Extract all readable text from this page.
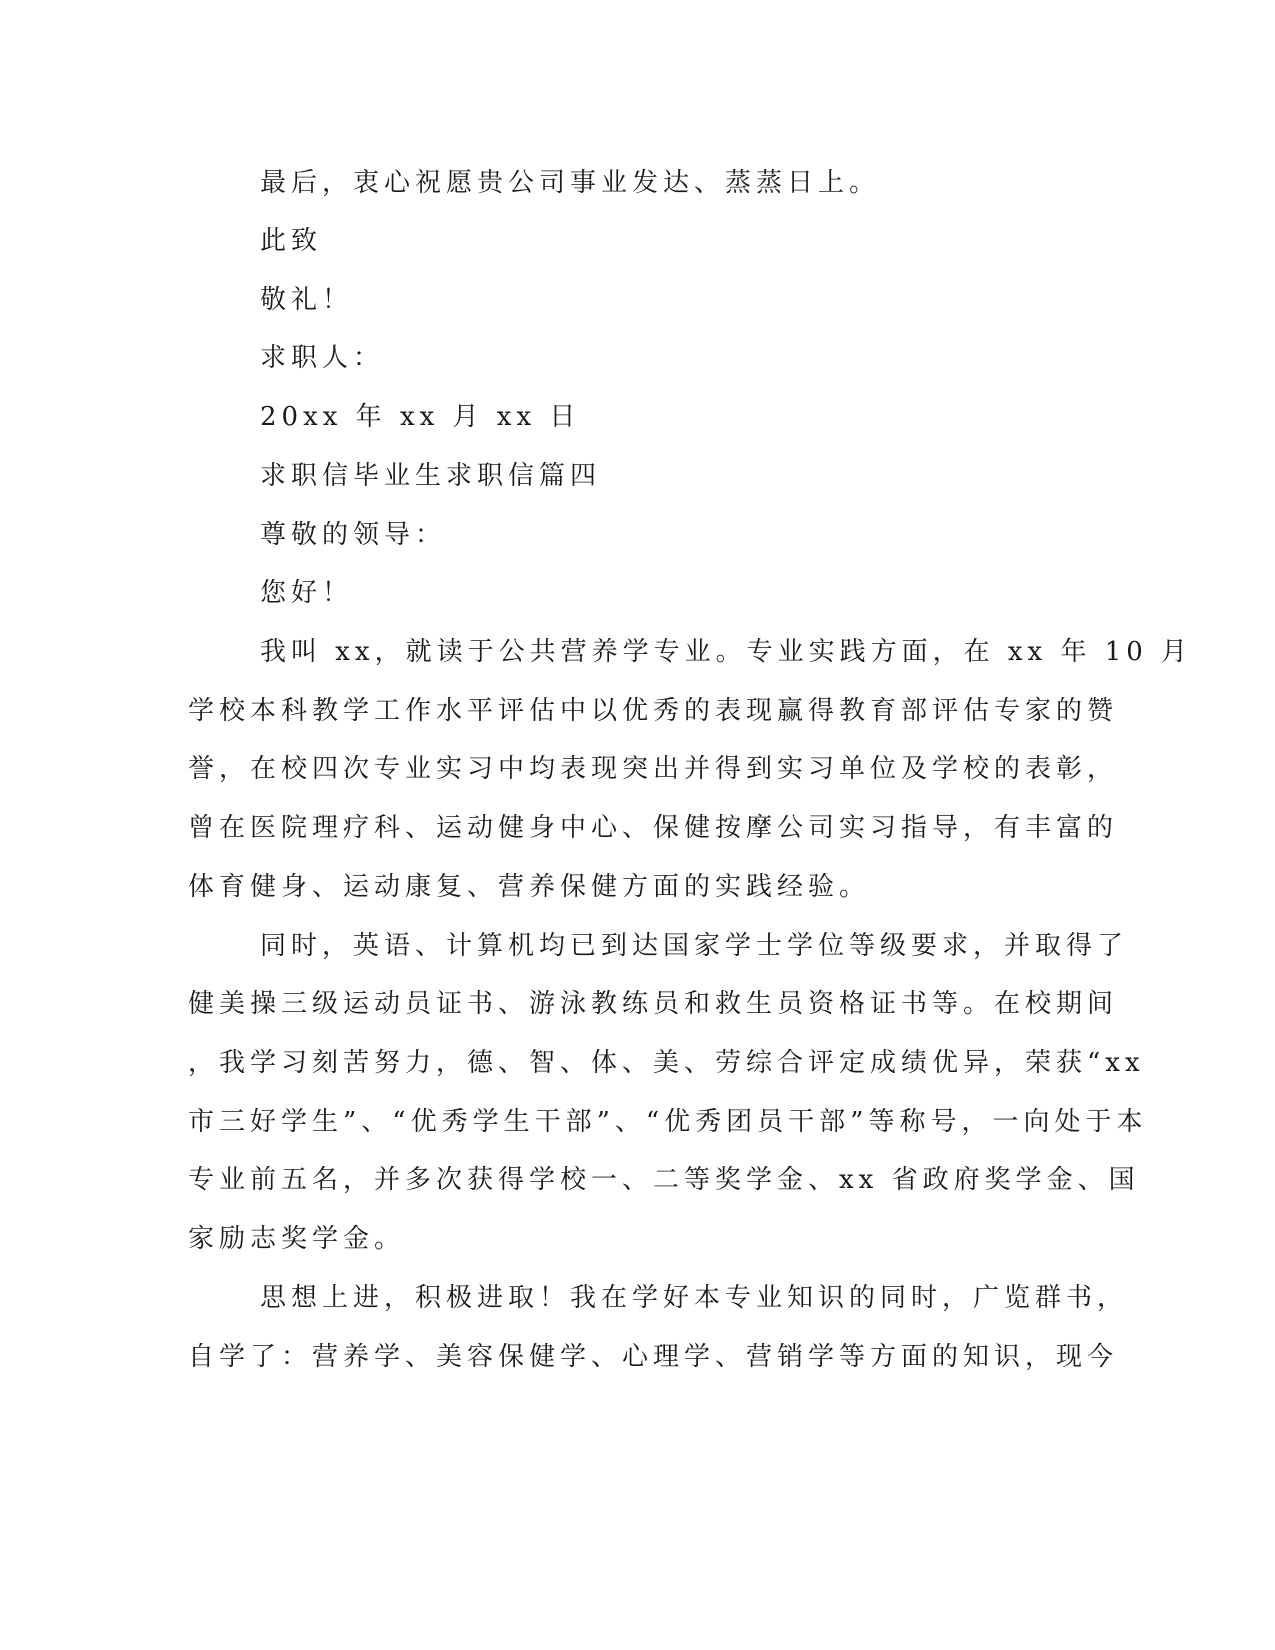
最后，衷心祝愿贵公司事业发达、蒸蒸日上。
此致
敬礼！
求职人：
20xx 年 xx 月 xx 日
求职信毕业生求职信篇四
尊敬的领导：
您好！
我叫 xx，就读于公共营养学专业。专业实践方面，在 xx 年 10 月
学校本科教学工作水平评估中以优秀的表现赢得教育部评估专家的赞
誉，在校四次专业实习中均表现突出并得到实习单位及学校的表彰，
曾在医院理疗科、运动健身中心、保健按摩公司实习指导，有丰富的
体育健身、运动康复、营养保健方面的实践经验。
同时，英语、计算机均已到达国家学士学位等级要求，并取得了
健美操三级运动员证书、游泳教练员和救生员资格证书等。在校期间
，我学习刻苦努力，德、智、体、美、劳综合评定成绩优异，荣获“xx
市三好学生”、“优秀学生干部”、“优秀团员干部”等称号，一向处于本
专业前五名，并多次获得学校一、二等奖学金、xx 省政府奖学金、国
家励志奖学金。
思想上进，积极进取！我在学好本专业知识的同时，广览群书，
自学了：营养学、美容保健学、心理学、营销学等方面的知识，现今
